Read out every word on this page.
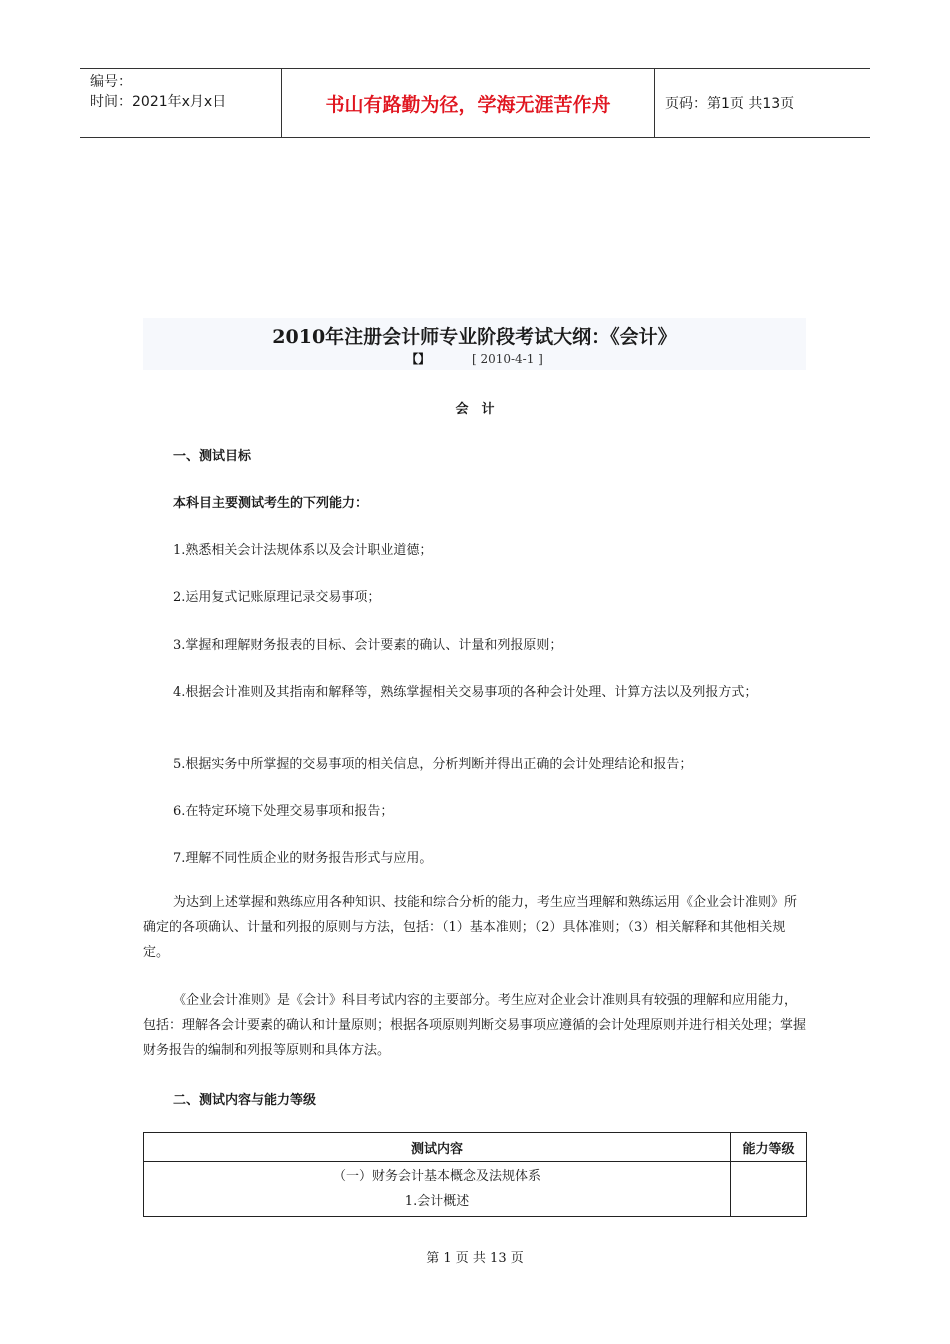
编号：
时间：2021年x月x日	书山有路勤为径，学海无涯苦作舟	页码：第1页 共13页
2010年注册会计师专业阶段考试大纲：《会计》
【】	[ 2010-4-1 ]
会　计
一、测试目标
本科目主要测试考生的下列能力：
1.熟悉相关会计法规体系以及会计职业道德；
2.运用复式记账原理记录交易事项；
3.掌握和理解财务报表的目标、会计要素的确认、计量和列报原则；
4.根据会计准则及其指南和解释等，熟练掌握相关交易事项的各种会计处理、计算方法以及列报方式；
5.根据实务中所掌握的交易事项的相关信息，分析判断并得出正确的会计处理结论和报告；
6.在特定环境下处理交易事项和报告；
7.理解不同性质企业的财务报告形式与应用。
为达到上述掌握和熟练应用各种知识、技能和综合分析的能力，考生应当理解和熟练运用《企业会计准则》所确定的各项确认、计量和列报的原则与方法，包括：（1）基本准则；（2）具体准则；（3）相关解释和其他相关规定。
《企业会计准则》是《会计》科目考试内容的主要部分。考生应对企业会计准则具有较强的理解和应用能力，包括：理解各会计要素的确认和计量原则；根据各项原则判断交易事项应遵循的会计处理原则并进行相关处理；掌握财务报告的编制和列报等原则和具体方法。
二、测试内容与能力等级
测试内容	能力等级

（一）财务会计基本概念及法规体系
1.会计概述	

第 1 页 共 13 页
